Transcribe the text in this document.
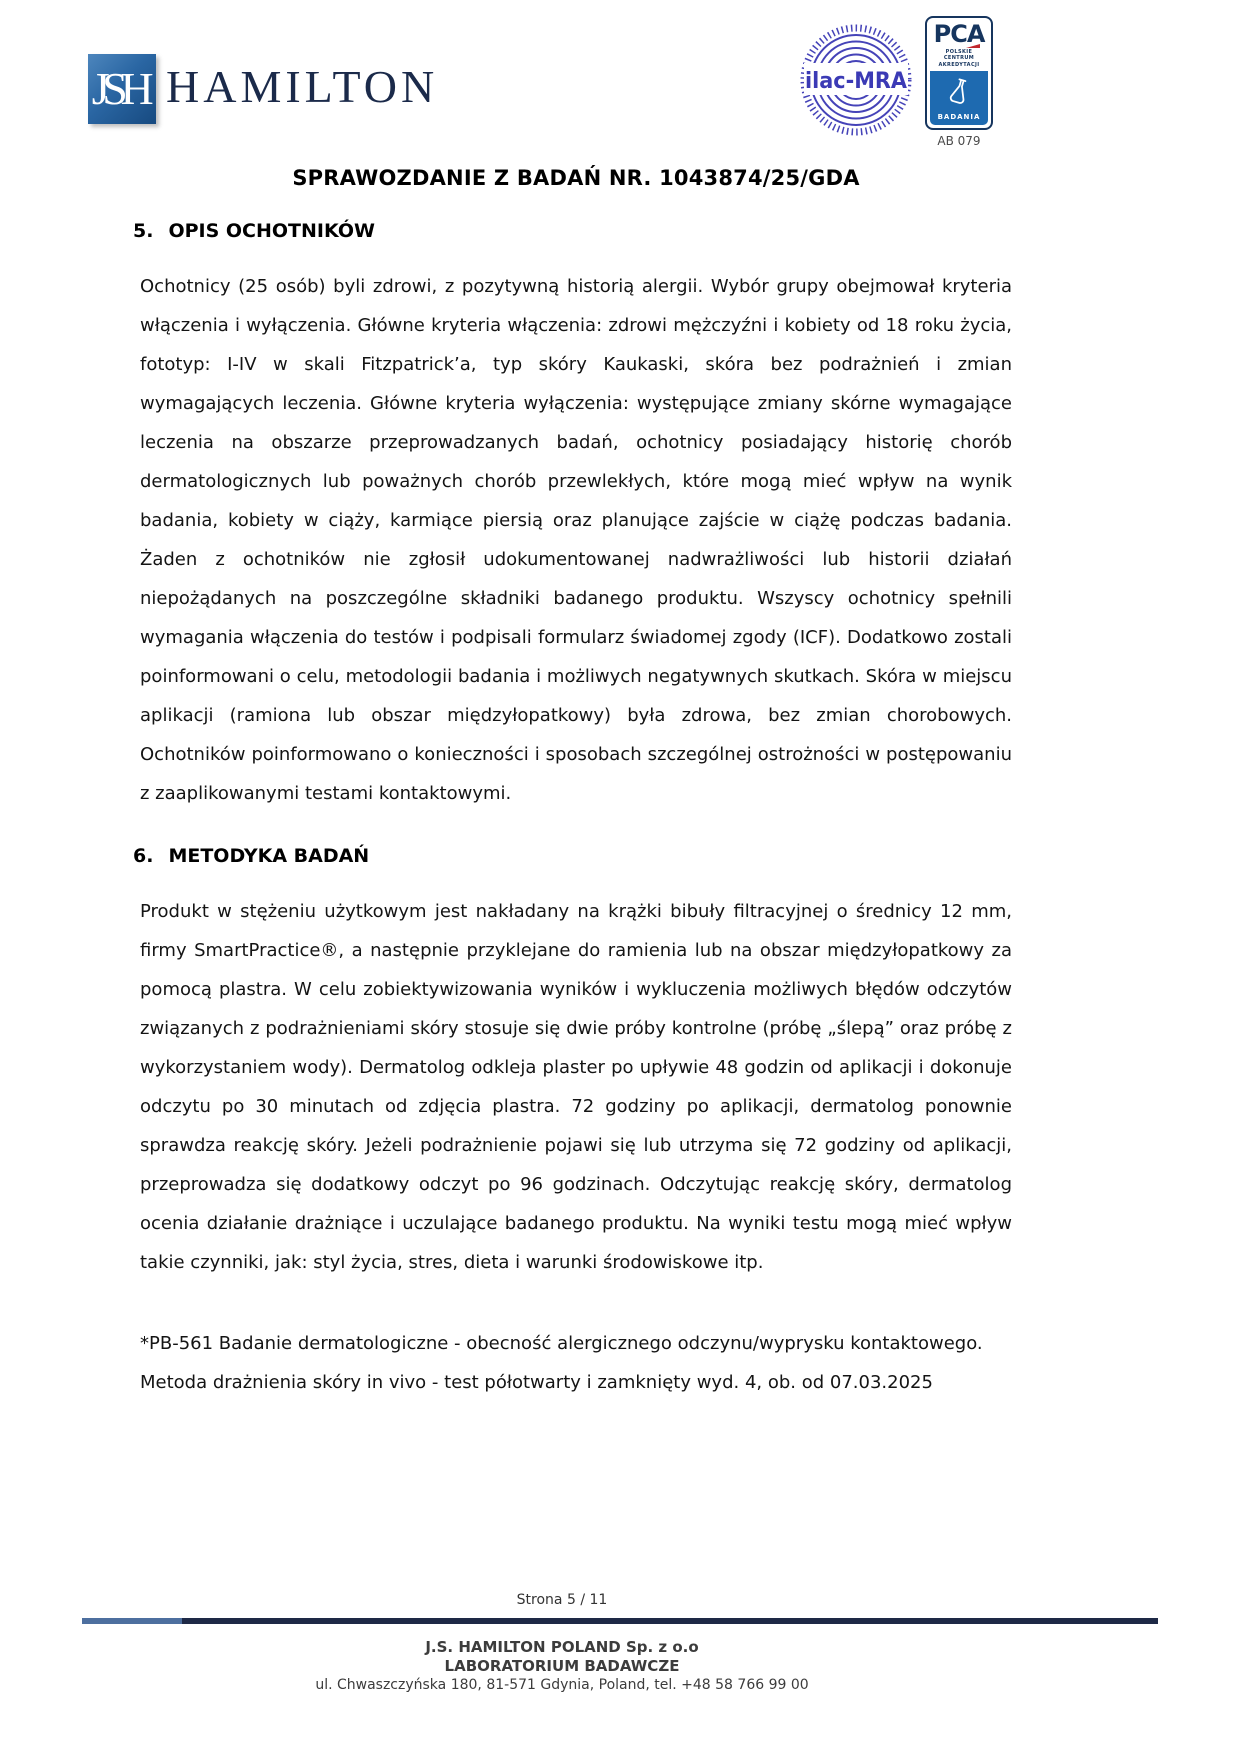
JSH HAMILTON	ilac-MRA
PCA
POLSKIE CENTRUM
AKREDYTACJI
BADANIA
AB 079
SPRAWOZDANIE Z BADAŃ NR. 1043874/25/GDA
5. OPIS OCHOTNIKÓW
Ochotnicy (25 osób) byli zdrowi, z pozytywną historią alergii. Wybór grupy obejmował kryteria włączenia i wyłączenia. Główne kryteria włączenia: zdrowi mężczyźni i kobiety od 18 roku życia, fototyp: I-IV w skali Fitzpatrick’a, typ skóry Kaukaski, skóra bez podrażnień i zmian wymagających leczenia. Główne kryteria wyłączenia: występujące zmiany skórne wymagające leczenia na obszarze przeprowadzanych badań, ochotnicy posiadający historię chorób dermatologicznych lub poważnych chorób przewlekłych, które mogą mieć wpływ na wynik badania, kobiety w ciąży, karmiące piersią oraz planujące zajście w ciążę podczas badania. Żaden z ochotników nie zgłosił udokumentowanej nadwrażliwości lub historii działań niepożądanych na poszczególne składniki badanego produktu. Wszyscy ochotnicy spełnili wymagania włączenia do testów i podpisali formularz świadomej zgody (ICF). Dodatkowo zostali poinformowani o celu, metodologii badania i możliwych negatywnych skutkach. Skóra w miejscu aplikacji (ramiona lub obszar międzyłopatkowy) była zdrowa, bez zmian chorobowych. Ochotników poinformowano o konieczności i sposobach szczególnej ostrożności w postępowaniu z zaaplikowanymi testami kontaktowymi.
6. METODYKA BADAŃ
Produkt w stężeniu użytkowym jest nakładany na krążki bibuły filtracyjnej o średnicy 12 mm, firmy SmartPractice®, a następnie przyklejane do ramienia lub na obszar międzyłopatkowy za pomocą plastra. W celu zobiektywizowania wyników i wykluczenia możliwych błędów odczytów związanych z podrażnieniami skóry stosuje się dwie próby kontrolne (próbę „ślepą” oraz próbę z wykorzystaniem wody). Dermatolog odkleja plaster po upływie 48 godzin od aplikacji i dokonuje odczytu po 30 minutach od zdjęcia plastra. 72 godziny po aplikacji, dermatolog ponownie sprawdza reakcję skóry. Jeżeli podrażnienie pojawi się lub utrzyma się 72 godziny od aplikacji, przeprowadza się dodatkowy odczyt po 96 godzinach. Odczytując reakcję skóry, dermatolog ocenia działanie drażniące i uczulające badanego produktu. Na wyniki testu mogą mieć wpływ takie czynniki, jak: styl życia, stres, dieta i warunki środowiskowe itp.
*PB-561 Badanie dermatologiczne - obecność alergicznego odczynu/wyprysku kontaktowego.
Metoda drażnienia skóry in vivo - test półotwarty i zamknięty wyd. 4, ob. od 07.03.2025
Strona 5 / 11
J.S. HAMILTON POLAND Sp. z o.o
LABORATORIUM BADAWCZE
ul. Chwaszczyńska 180, 81-571 Gdynia, Poland, tel. +48 58 766 99 00
